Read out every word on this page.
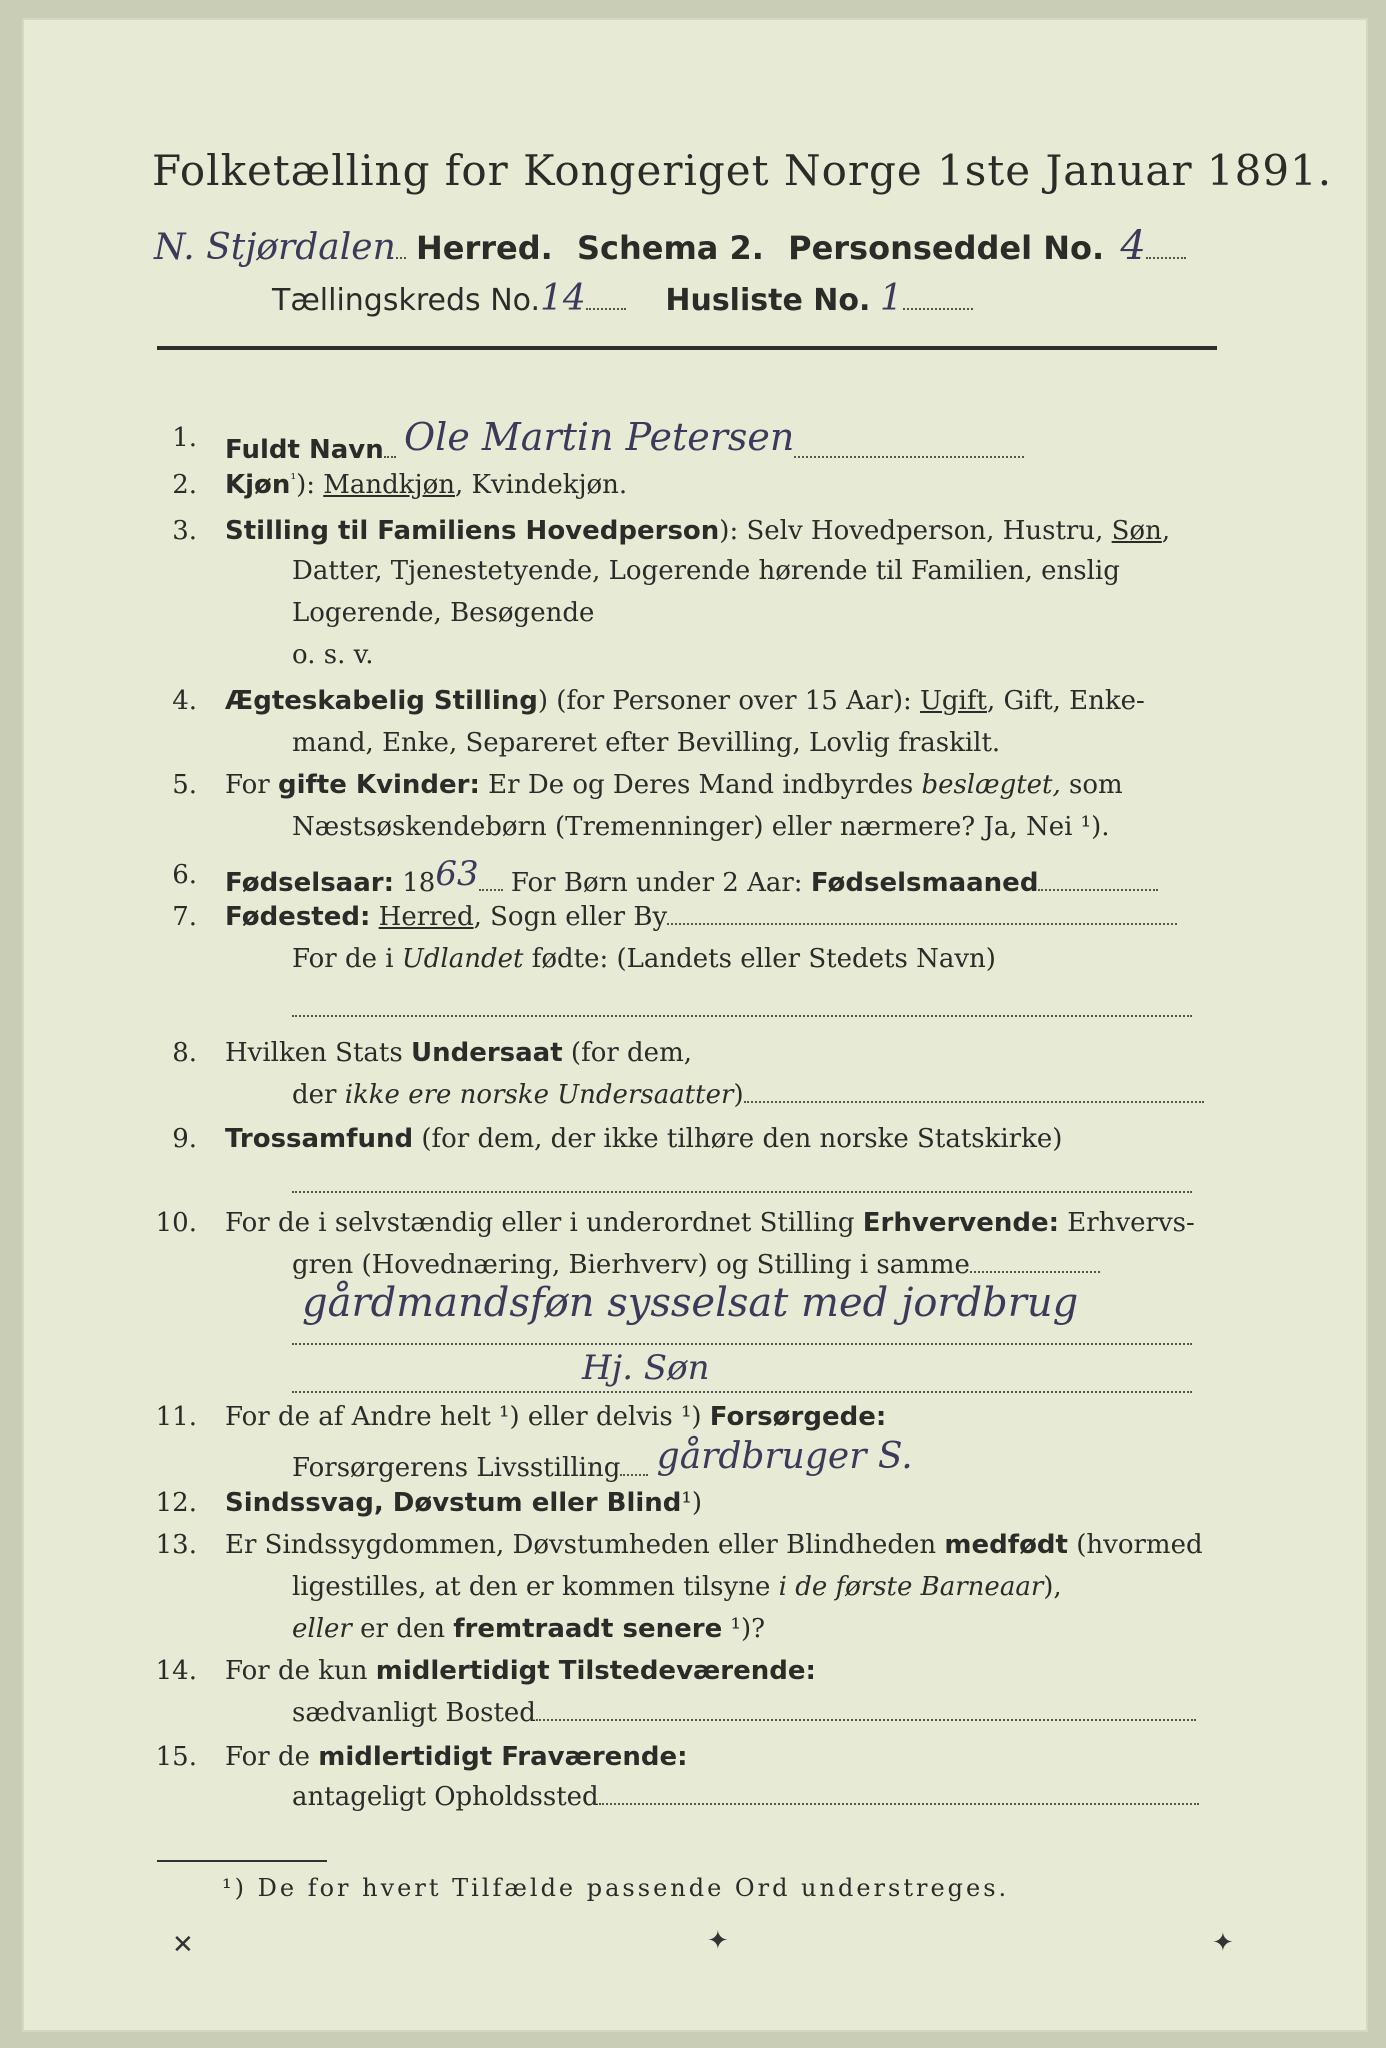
Folketælling for Kongeriget Norge 1ste Januar 1891.
N. Stjørdalen Herred. Schema 2. Personseddel No. 4
Tællingskreds No.14	Husliste No. 1
1. Fuldt Navn Ole Martin Petersen
2. Kjøn$^{^1}$): Mandkjøn, Kvindekjøn.
3. Stilling til Familiens Hovedperson): Selv Hovedperson, Hustru, Søn,
Datter, Tjenestetyende, Logerende hørende til Familien, enslig
Logerende, Besøgende
o. s. v.
4. Ægteskabelig Stilling) (for Personer over 15 Aar): Ugift, Gift, Enke-
mand, Enke, Separeret efter Bevilling, Lovlig fraskilt.
5. For gifte Kvinder: Er De og Deres Mand indbyrdes beslægtet, som
Næstsøskendebørn (Tremenninger) eller nærmere? Ja, Nei ¹).
6. Fødselsaar: 1863 For Børn under 2 Aar: Fødselsmaaned
7. Fødested: Herred, Sogn eller By
For de i Udlandet fødte: (Landets eller Stedets Navn)
8. Hvilken Stats Undersaat (for dem,
der ikke ere norske Undersaatter)
9. Trossamfund (for dem, der ikke tilhøre den norske Statskirke)
10. For de i selvstændig eller i underordnet Stilling Erhvervende: Erhvervs-
gren (Hovednæring, Bierhverv) og Stilling i samme
gårdmandsføn sysselsat med jordbrug
Hj. Søn
11. For de af Andre helt ¹) eller delvis ¹) Forsørgede:
Forsørgerens Livsstilling gårdbruger S.
12. Sindssvag, Døvstum eller Blind¹)
13. Er Sindssygdommen, Døvstumheden eller Blindheden medfødt (hvormed
ligestilles, at den er kommen tilsyne i de første Barneaar),
eller er den fremtraadt senere ¹)?
14. For de kun midlertidigt Tilstedeværende:
sædvanligt Bosted
15. For de midlertidigt Fraværende:
antageligt Opholdssted
¹) De for hvert Tilfælde passende Ord understreges.
✕	✦	✦
